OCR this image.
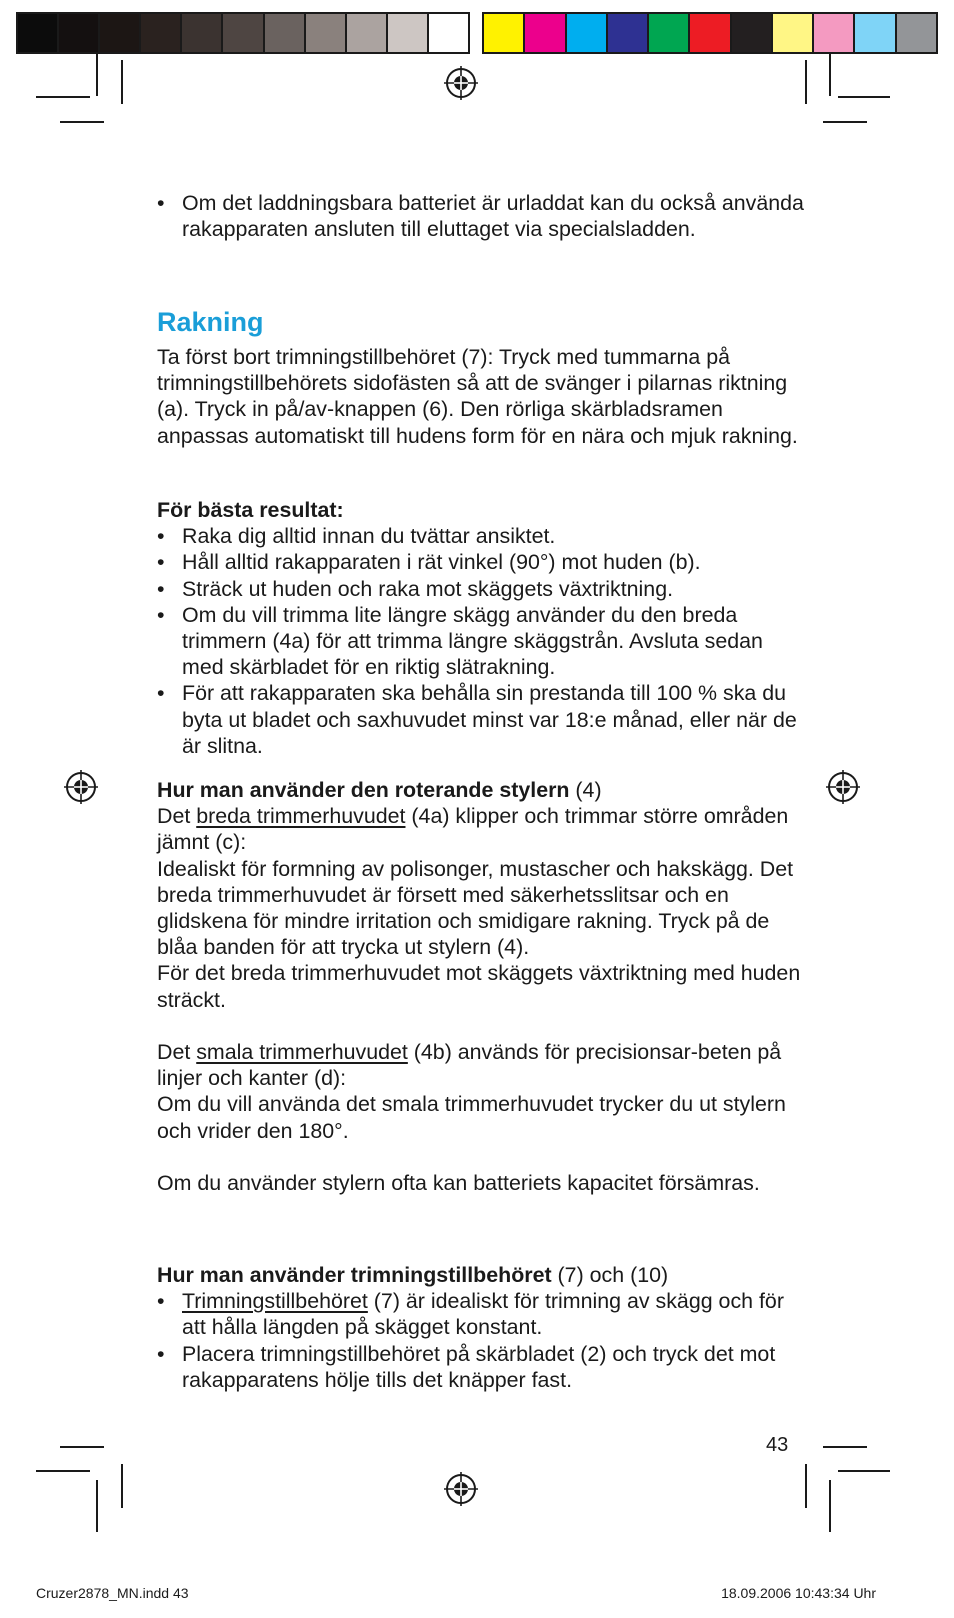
• Om det laddningsbara batteriet är urladdat kan du också använda rakapparaten ansluten till eluttaget via specialsladden.

Rakning

Ta först bort trimningstillbehöret (7): Tryck med tummarna på trimningstillbehörets sidofästen så att de svänger i pilarnas riktning (a). Tryck in på/av-knappen (6). Den rörliga skärbladsramen anpassas automatiskt till hudens form för en nära och mjuk rakning.

För bästa resultat:

• Raka dig alltid innan du tvättar ansiktet.

• Håll alltid rakapparaten i rät vinkel (90°) mot huden (b).

• Sträck ut huden och raka mot skäggets växtriktning.

• Om du vill trimma lite längre skägg använder du den breda trimmern (4a) för att trimma längre skäggstrån. Avsluta sedan med skärbladet för en riktig slätrakning.

• För att rakapparaten ska behålla sin prestanda till 100 % ska du byta ut bladet och saxhuvudet minst var 18:e månad, eller när de är slitna.

Hur man använder den roterande stylern (4)

Det breda trimmerhuvudet (4a) klipper och trimmar större områden jämnt (c):

Idealiskt för formning av polisonger, mustascher och hakskägg. Det breda trimmerhuvudet är försett med säkerhetsslitsar och en glidskena för mindre irritation och smidigare rakning. Tryck på de blåa banden för att trycka ut stylern (4).

För det breda trimmerhuvudet mot skäggets växtriktning med huden sträckt.

Det smala trimmerhuvudet (4b) används för precisionsar-beten på linjer och kanter (d):

Om du vill använda det smala trimmerhuvudet trycker du ut stylern och vrider den 180°.

Om du använder stylern ofta kan batteriets kapacitet försämras.

Hur man använder trimningstillbehöret (7) och (10)

• Trimningstillbehöret (7) är idealiskt för trimning av skägg och för att hålla längden på skägget konstant.

• Placera trimningstillbehöret på skärbladet (2) och tryck det mot rakapparatens hölje tills det knäpper fast.

43
Cruzer2878_MN.indd 43	18.09.2006 10:43:34 Uhr
